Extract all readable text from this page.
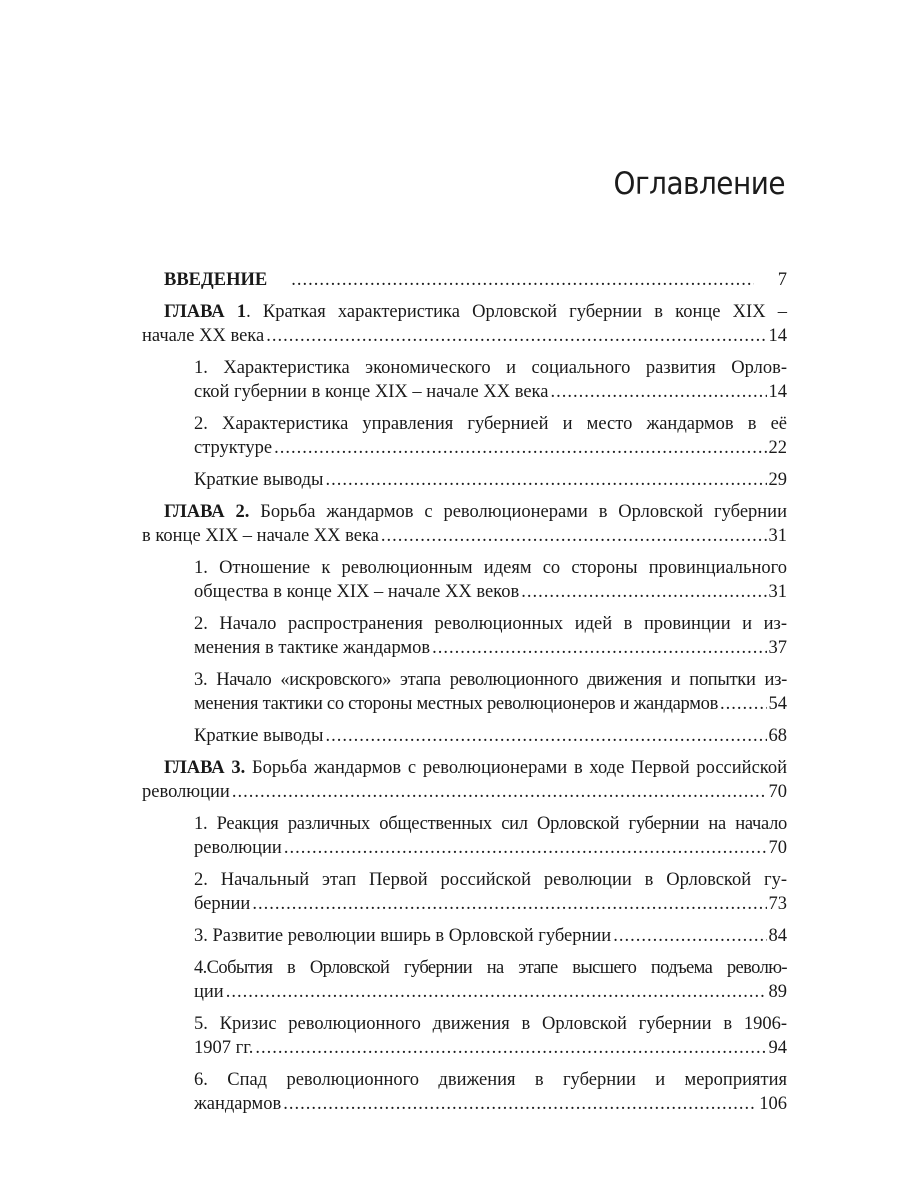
Оглавление
ВВЕДЕНИЕ .....	7
ГЛАВА 1. Краткая характеристика Орловской губернии в конце XIX –
начале XX века .....	14
1. Характеристика экономического и социального развития Орлов-
ской губернии в конце XIX – начале XX века .....	14
2. Характеристика управления губернией и место жандармов в её
структуре .....	22
Краткие выводы .....	29
ГЛАВА 2. Борьба жандармов с революционерами в Орловской губернии
в конце XIX – начале XX века .....	31
1. Отношение к революционным идеям со стороны провинциального
общества в конце XIX – начале XX веков .....	31
2. Начало распространения революционных идей в провинции и из-
менения в тактике жандармов .....	37
3. Начало «искровского» этапа революционного движения и попытки из-
менения тактики со стороны местных революционеров и жандармов .....	54
Краткие выводы .....	68
ГЛАВА 3. Борьба жандармов с революционерами в ходе Первой российской
революции .....	70
1. Реакция различных общественных сил Орловской губернии на начало
революции .....	70
2. Начальный этап Первой российской революции в Орловской гу-
бернии .....	73
3. Развитие революции вширь в Орловской губернии .....	84
4.События в Орловской губернии на этапе высшего подъема револю-
ции .....	89
5. Кризис революционного движения в Орловской губернии в 1906-
1907 гг. .....	94
6. Спад революционного движения в губернии и мероприятия
жандармов .....	106
